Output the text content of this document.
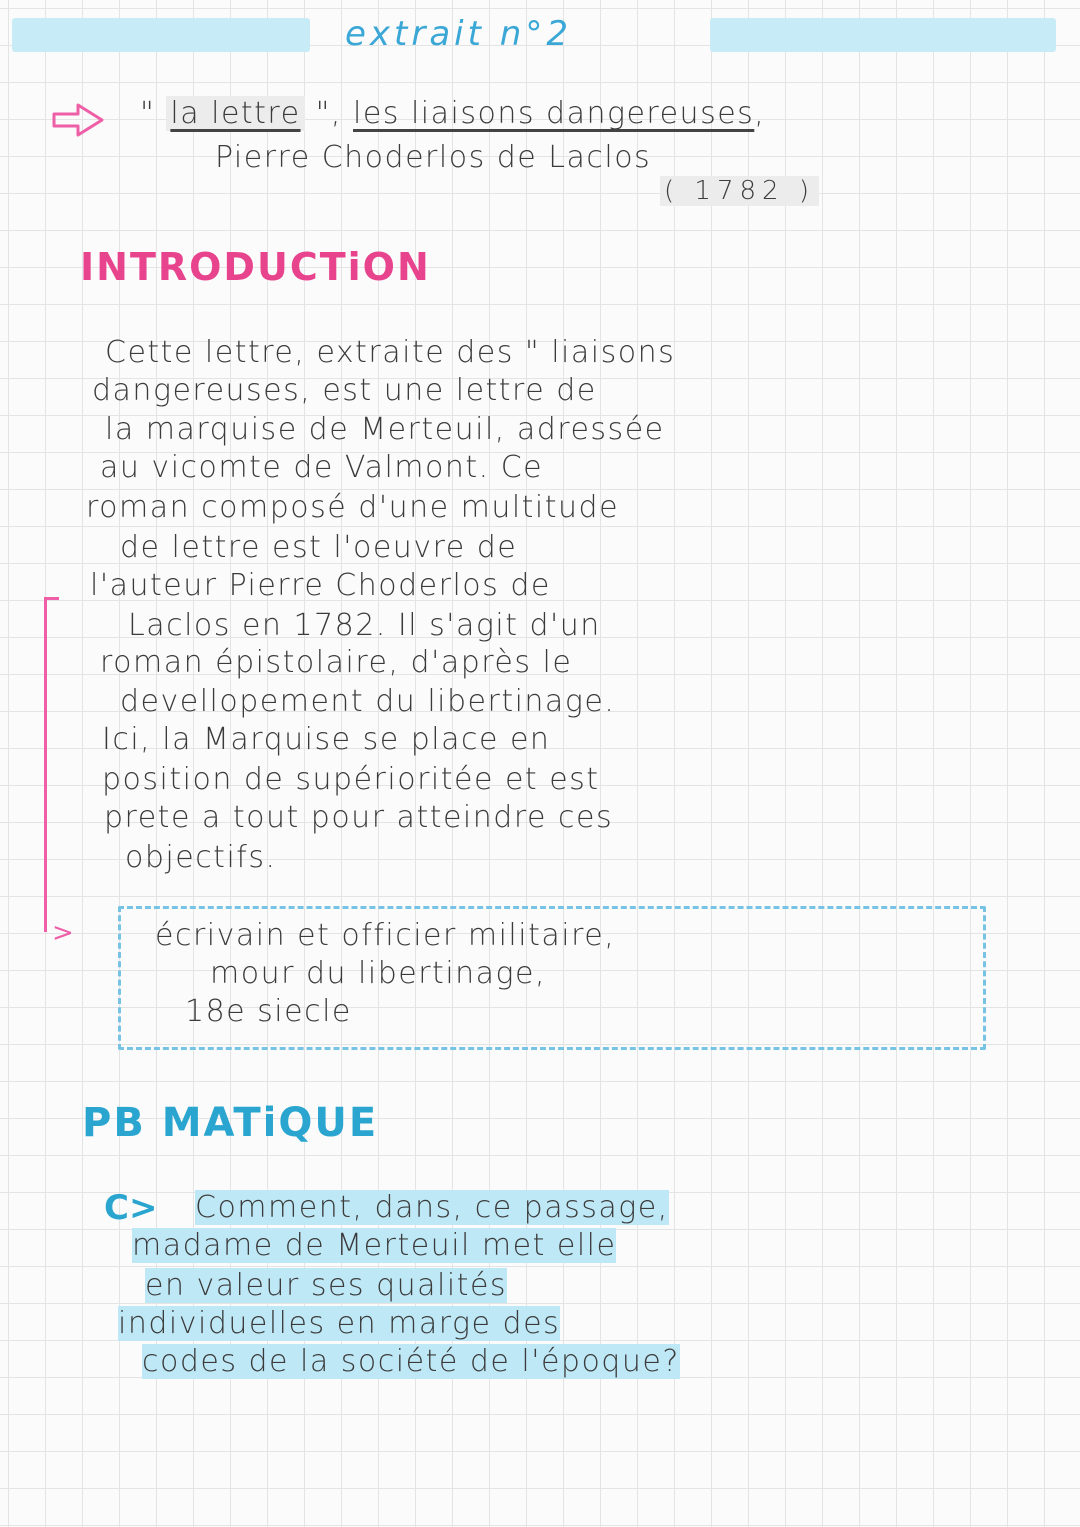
extrait n°2
" la lettre ", les liaisons dangereuses,
Pierre Choderlos de Laclos
( 1782 )
INTRODUCTiON
Cette lettre, extraite des " liaisons
dangereuses, est une lettre de
la marquise de Merteuil, adressée
au vicomte de Valmont. Ce
roman composé d'une multitude
de lettre est l'oeuvre de
l'auteur Pierre Choderlos de
Laclos en 1782. Il s'agit d'un
roman épistolaire, d'après le
devellopement du libertinage.
Ici, la Marquise se place en
position de supérioritée et est
prete a tout pour atteindre ces
objectifs.
>	écrivain et officier militaire,
mour du libertinage,
18e siecle
PB MATiQUE
C> Comment, dans, ce passage,
madame de Merteuil met elle
en valeur ses qualités
individuelles en marge des
codes de la société de l'époque?
